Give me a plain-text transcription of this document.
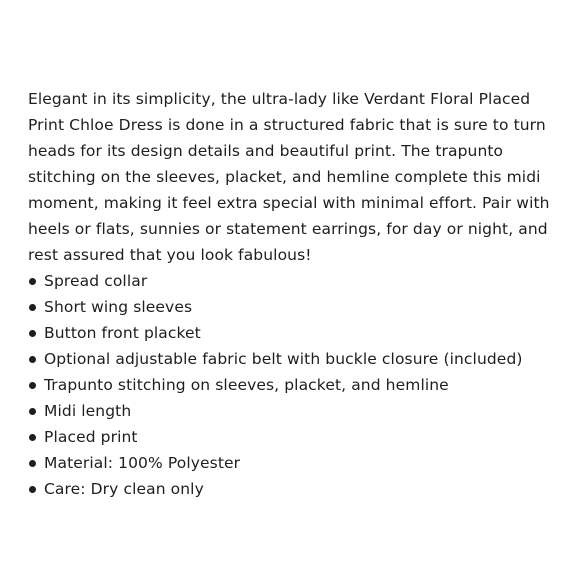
Elegant in its simplicity, the ultra-lady like Verdant Floral Placed Print Chloe Dress is done in a structured fabric that is sure to turn heads for its design details and beautiful print. The trapunto stitching on the sleeves, placket, and hemline complete this midi moment, making it feel extra special with minimal effort. Pair with heels or flats, sunnies or statement earrings, for day or night, and rest assured that you look fabulous!

Spread collar
Short wing sleeves
Button front placket
Optional adjustable fabric belt with buckle closure (included)
Trapunto stitching on sleeves, placket, and hemline
Midi length
Placed print
Material: 100% Polyester
Care: Dry clean only
